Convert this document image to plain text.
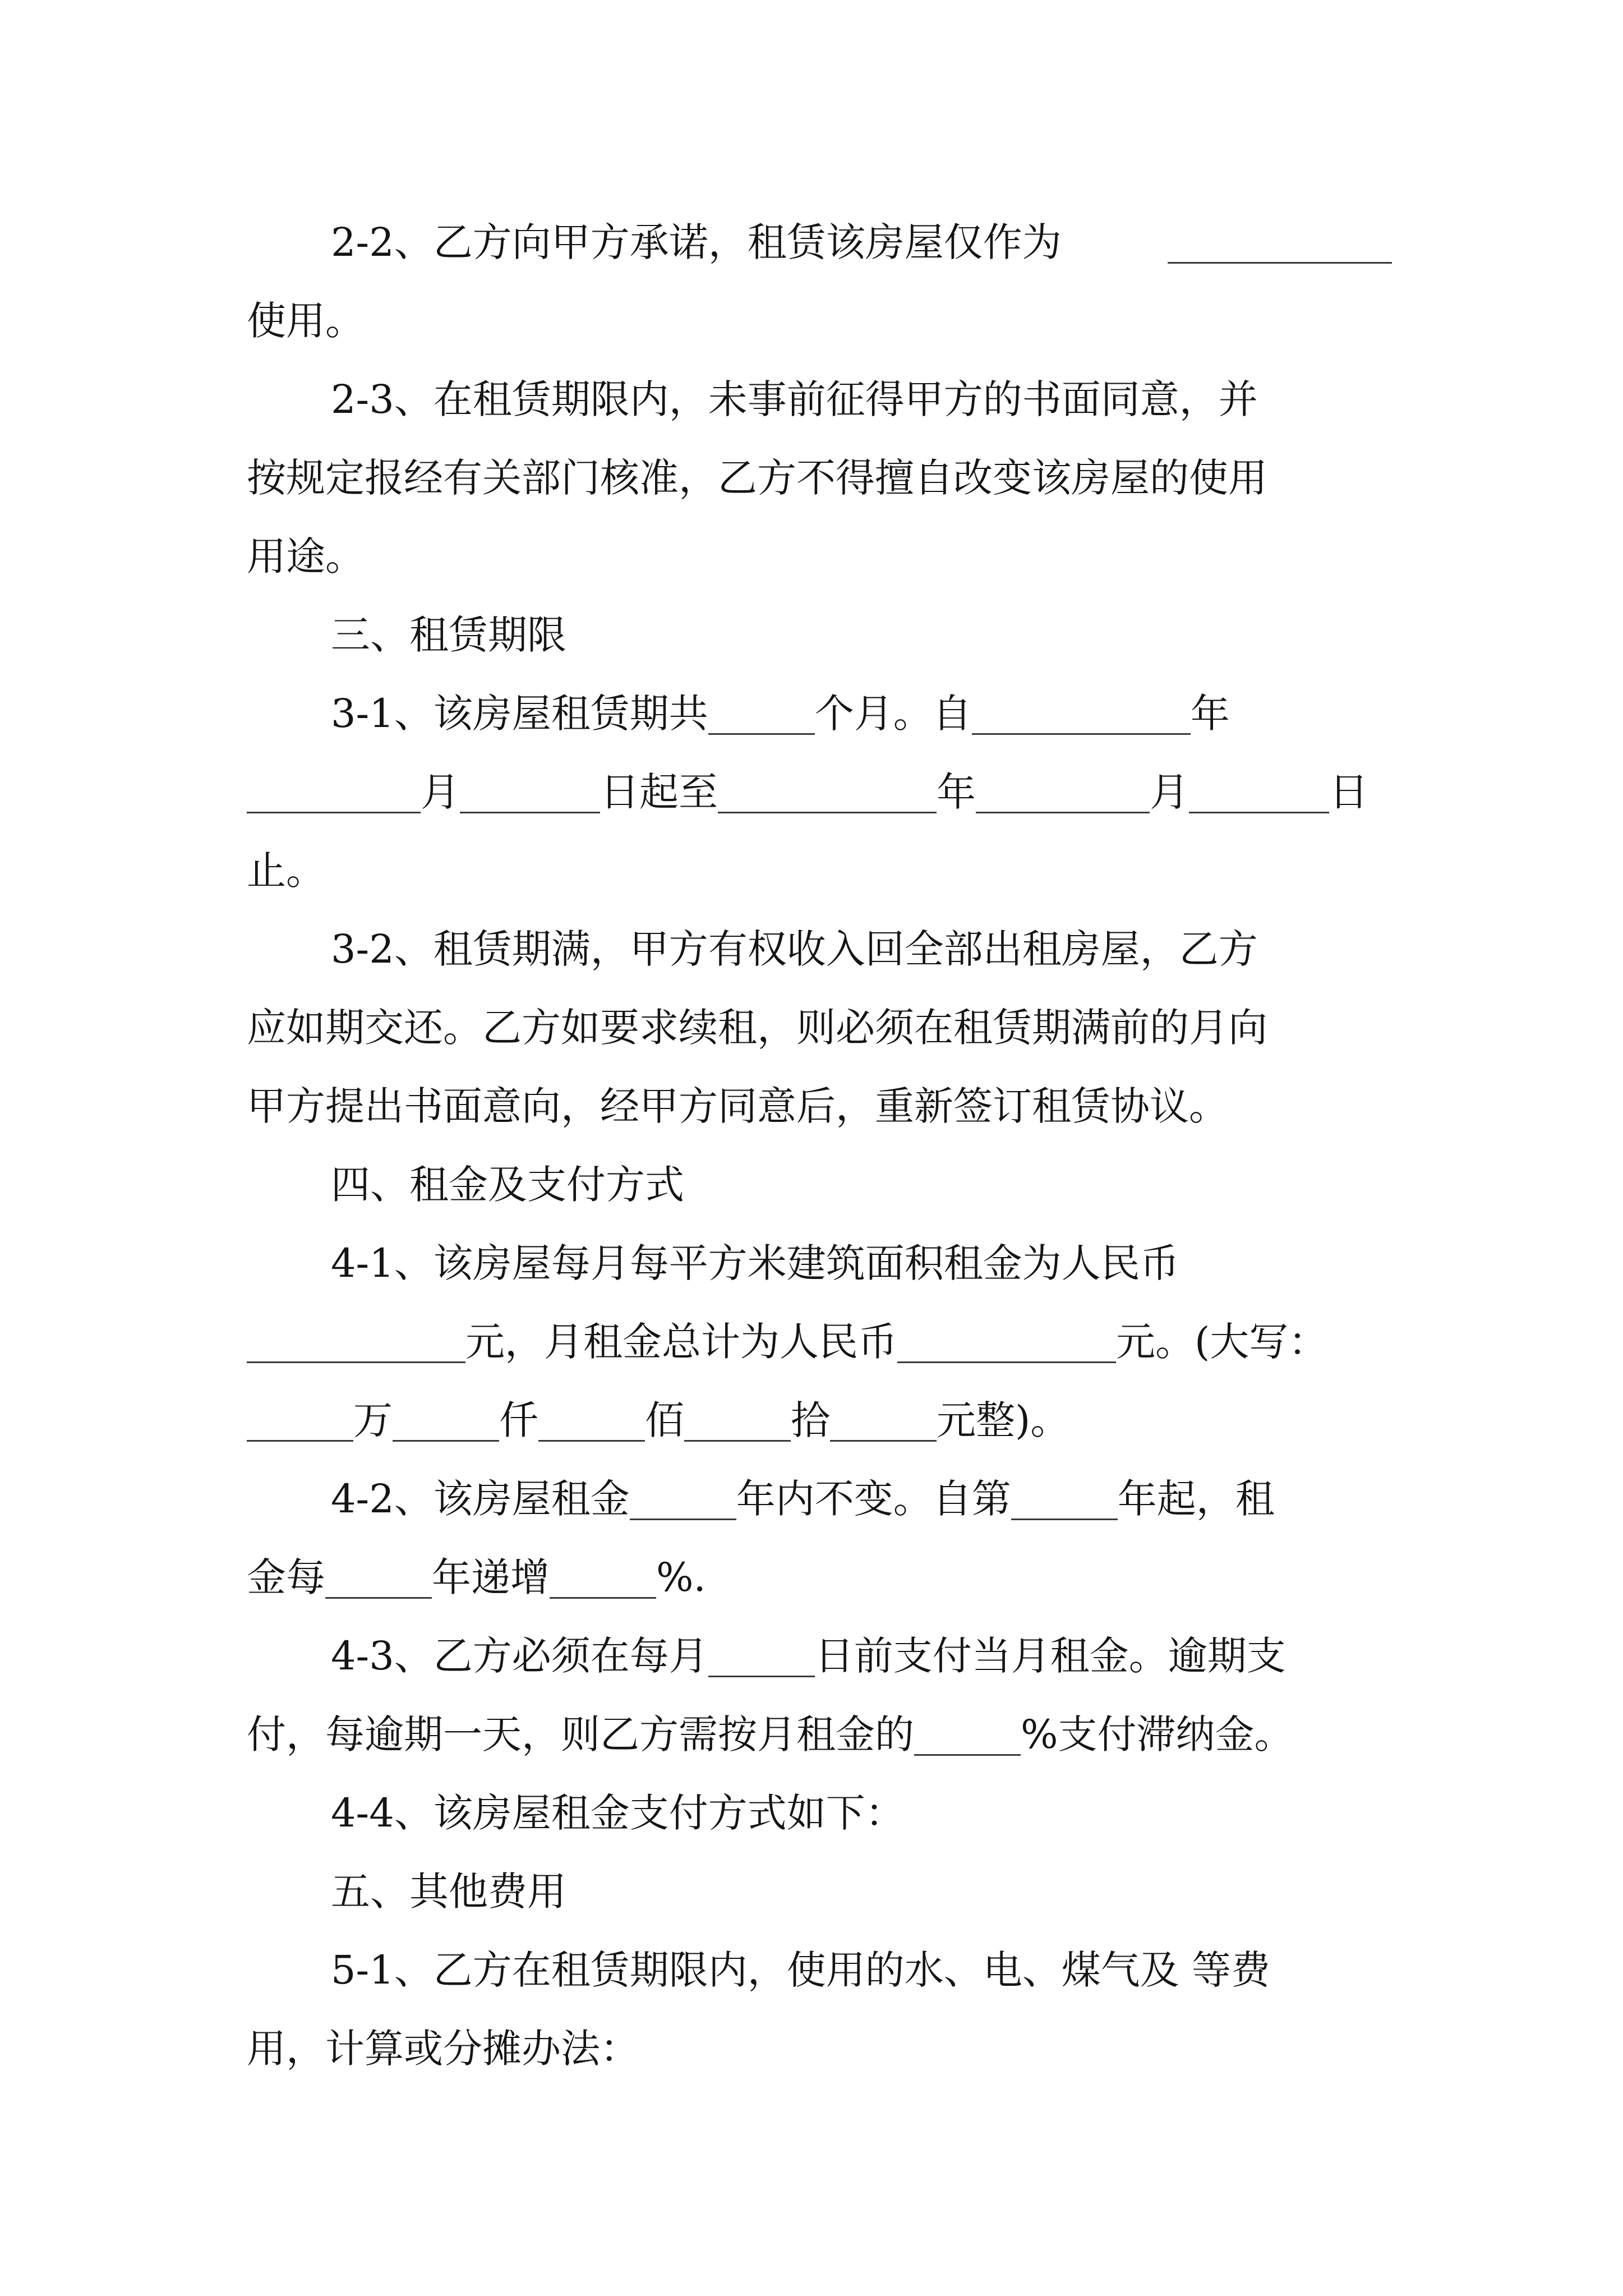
2-2、乙方向甲方承诺，租赁该房屋仅作为
使用。
2-3、在租赁期限内，未事前征得甲方的书面同意，并
按规定报经有关部门核准，乙方不得擅自改变该房屋的使用
用途。
三、租赁期限
3-1、该房屋租赁期共	个月。自	年
月	日起至	年	月	日
止。
3-2、租赁期满，甲方有权收入回全部出租房屋，乙方
应如期交还。乙方如要求续租，则必须在租赁期满前的月向
甲方提出书面意向，经甲方同意后，重新签订租赁协议。
四、租金及支付方式
4-1、该房屋每月每平方米建筑面积租金为人民币
元，月租金总计为人民币	元。(大写：
万	仟	佰	拾	元整)。
4-2、该房屋租金	年内不变。自第	年起，租
金每	年递增	%.
4-3、乙方必须在每月	日前支付当月租金。逾期支
付，每逾期一天，则乙方需按月租金的	%支付滞纳金。
4-4、该房屋租金支付方式如下：
五、其他费用
5-1、乙方在租赁期限内，使用的水、电、煤气及 等费
用，计算或分摊办法：
